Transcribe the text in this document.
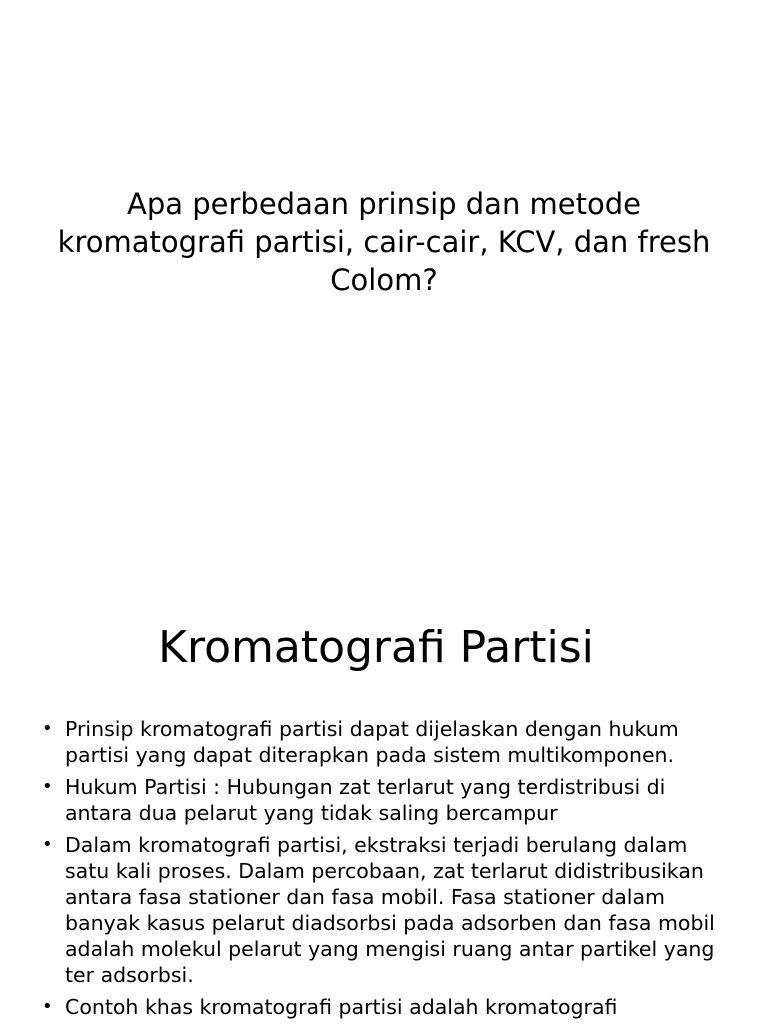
Apa perbedaan prinsip dan metode kromatografi partisi, cair-cair, KCV, dan fresh Colom?
Kromatografi Partisi
• Prinsip kromatografi partisi dapat dijelaskan dengan hukum partisi yang dapat diterapkan pada sistem multikomponen.
• Hukum Partisi : Hubungan zat terlarut yang terdistribusi di antara dua pelarut yang tidak saling bercampur
• Dalam kromatografi partisi, ekstraksi terjadi berulang dalam satu kali proses. Dalam percobaan, zat terlarut didistribusikan antara fasa stationer dan fasa mobil. Fasa stationer dalam banyak kasus pelarut diadsorbsi pada adsorben dan fasa mobil adalah molekul pelarut yang mengisi ruang antar partikel yang ter adsorbsi.
• Contoh khas kromatografi partisi adalah kromatografi
